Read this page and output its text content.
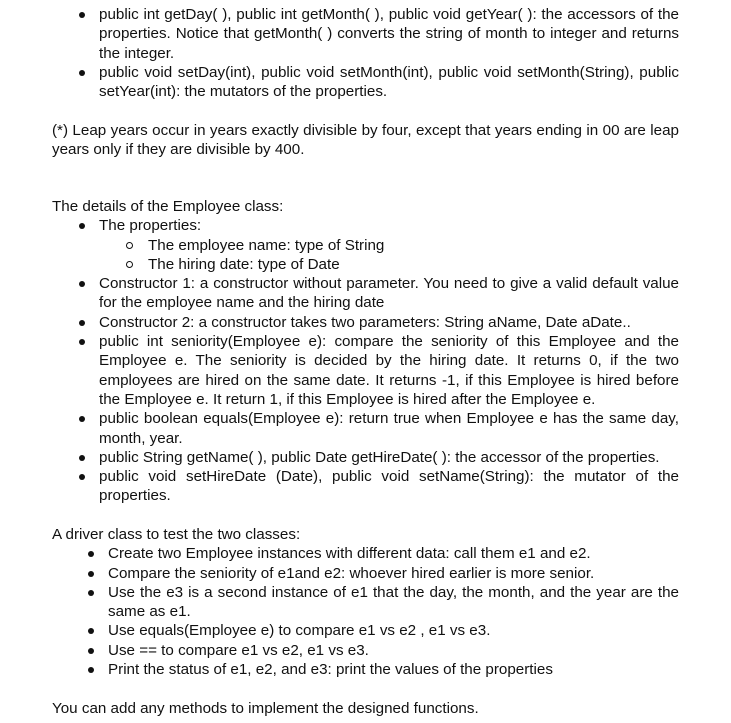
public int getDay( ), public int getMonth( ), public void getYear( ): the accessors of the properties. Notice that getMonth( ) converts the string of month to integer and returns the integer.
public void setDay(int), public void setMonth(int), public void setMonth(String), public setYear(int): the mutators of the properties.

(*) Leap years occur in years exactly divisible by four, except that years ending in 00 are leap years only if they are divisible by 400.

The details of the Employee class:

The properties:
The employee name: type of String
The hiring date: type of Date
Constructor 1: a constructor without parameter. You need to give a valid default value for the employee name and the hiring date
Constructor 2: a constructor takes two parameters: String aName, Date aDate..
public int seniority(Employee e): compare the seniority of this Employee and the Employee e. The seniority is decided by the hiring date. It returns 0, if the two employees are hired on the same date. It returns -1, if this Employee is hired before the Employee e. It return 1, if this Employee is hired after the Employee e.
public boolean equals(Employee e): return true when Employee e has the same day, month, year.
public String getName( ), public Date getHireDate( ): the accessor of the properties.
public void setHireDate (Date), public void setName(String): the mutator of the properties.

A driver class to test the two classes:

Create two Employee instances with different data: call them e1 and e2.
Compare the seniority of e1and e2: whoever hired earlier is more senior.
Use the e3 is a second instance of e1 that the day, the month, and the year are the same as e1.
Use equals(Employee e) to compare e1 vs e2 , e1 vs e3.
Use == to compare e1 vs e2, e1 vs e3.
Print the status of e1, e2, and e3: print the values of the properties

You can add any methods to implement the designed functions.
